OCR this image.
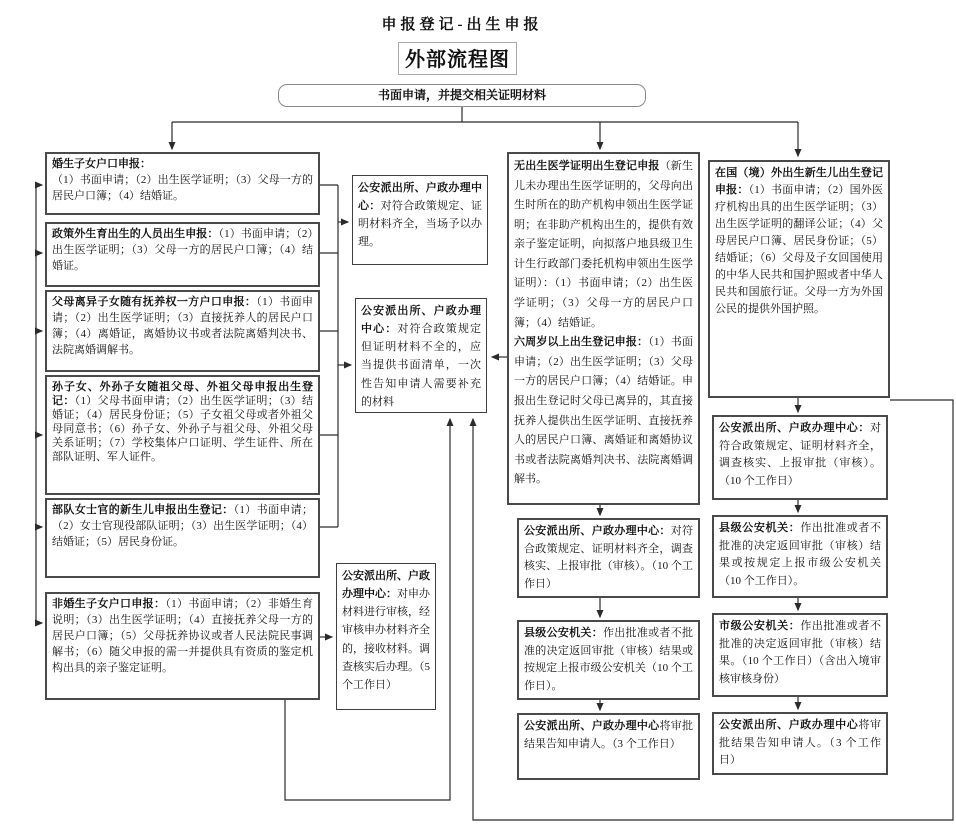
申报登记-出生申报
外部流程图
书面申请，并提交相关证明材料
婚生子女户口申报：
（1）书面申请；（2）出生医学证明；（3）父母一方的居民户口簿；（4）结婚证。
政策外生育出生的人员出生申报：（1）书面申请；（2）出生医学证明；（3）父母一方的居民户口簿；（4）结婚证。
父母离异子女随有抚养权一方户口申报：（1）书面申请；（2）出生医学证明；（3）直接抚养人的居民户口簿；（4）离婚证，离婚协议书或者法院离婚判决书、法院离婚调解书。
孙子女、外孙子女随祖父母、外祖父母申报出生登记：（1）父母书面申请；（2）出生医学证明；（3）结婚证；（4）居民身份证；（5）子女祖父母或者外祖父母同意书；（6）孙子女、外孙子与祖父母、外祖父母关系证明；（7）学校集体户口证明、学生证件、所在部队证明、军人证件。
部队女士官的新生儿申报出生登记：（1）书面申请；（2）女士官现役部队证明；（3）出生医学证明；（4）结婚证；（5）居民身份证。
非婚生子女户口申报：（1）书面申请；（2）非婚生育说明；（3）出生医学证明；（4）直接抚养父母一方的居民户口簿；（5）父母抚养协议或者人民法院民事调解书；（6）随父申报的需一并提供具有资质的鉴定机构出具的亲子鉴定证明。
公安派出所、户政办理中心：对符合政策规定、证明材料齐全，当场予以办理。
公安派出所、户政办理中心：对符合政策规定但证明材料不全的，应当提供书面清单，一次性告知申请人需要补充的材料
公安派出所、户政办理中心：对申办材料进行审核，经审核申办材料齐全的，接收材料。调查核实后办理。（5 个工作日）
无出生医学证明出生登记申报（新生儿未办理出生医学证明的，父母向出生时所在的助产机构申领出生医学证明；在非助产机构出生的，提供有效亲子鉴定证明，向拟落户地县级卫生计生行政部门委托机构申领出生医学证明）：（1）书面申请；（2）出生医学证明；（3）父母一方的居民户口簿；（4）结婚证。
六周岁以上出生登记申报：（1）书面申请；（2）出生医学证明；（3）父母一方的居民户口簿；（4）结婚证。申报出生登记时父母已离异的，其直接抚养人提供出生医学证明、直接抚养人的居民户口簿、离婚证和离婚协议书或者法院离婚判决书、法院离婚调解书。
公安派出所、户政办理中心：对符合政策规定、证明材料齐全，调查核实、上报审批（审核）。（10 个工作日）
县级公安机关：作出批准或者不批准的决定返回审批（审核）结果或按规定上报市级公安机关（10 个工作日）。
公安派出所、户政办理中心将审批结果告知申请人。（3 个工作日）
在国（境）外出生新生儿出生登记申报：（1）书面申请；（2）国外医疗机构出具的出生医学证明；（3）出生医学证明的翻译公证；（4）父母居民户口簿、居民身份证；（5）结婚证；（6）父母及子女回国使用的中华人民共和国护照或者中华人民共和国旅行证。父母一方为外国公民的提供外国护照。
公安派出所、户政办理中心：对符合政策规定、证明材料齐全，调查核实、上报审批（审核）。（10 个工作日）
县级公安机关：作出批准或者不批准的决定返回审批（审核）结果或按规定上报市级公安机关（10 个工作日）。
市级公安机关：作出批准或者不批准的决定返回审批（审核）结果。（10 个工作日）（含出入境审核审核身份）
公安派出所、户政办理中心将审批结果告知申请人。（3 个工作日）
